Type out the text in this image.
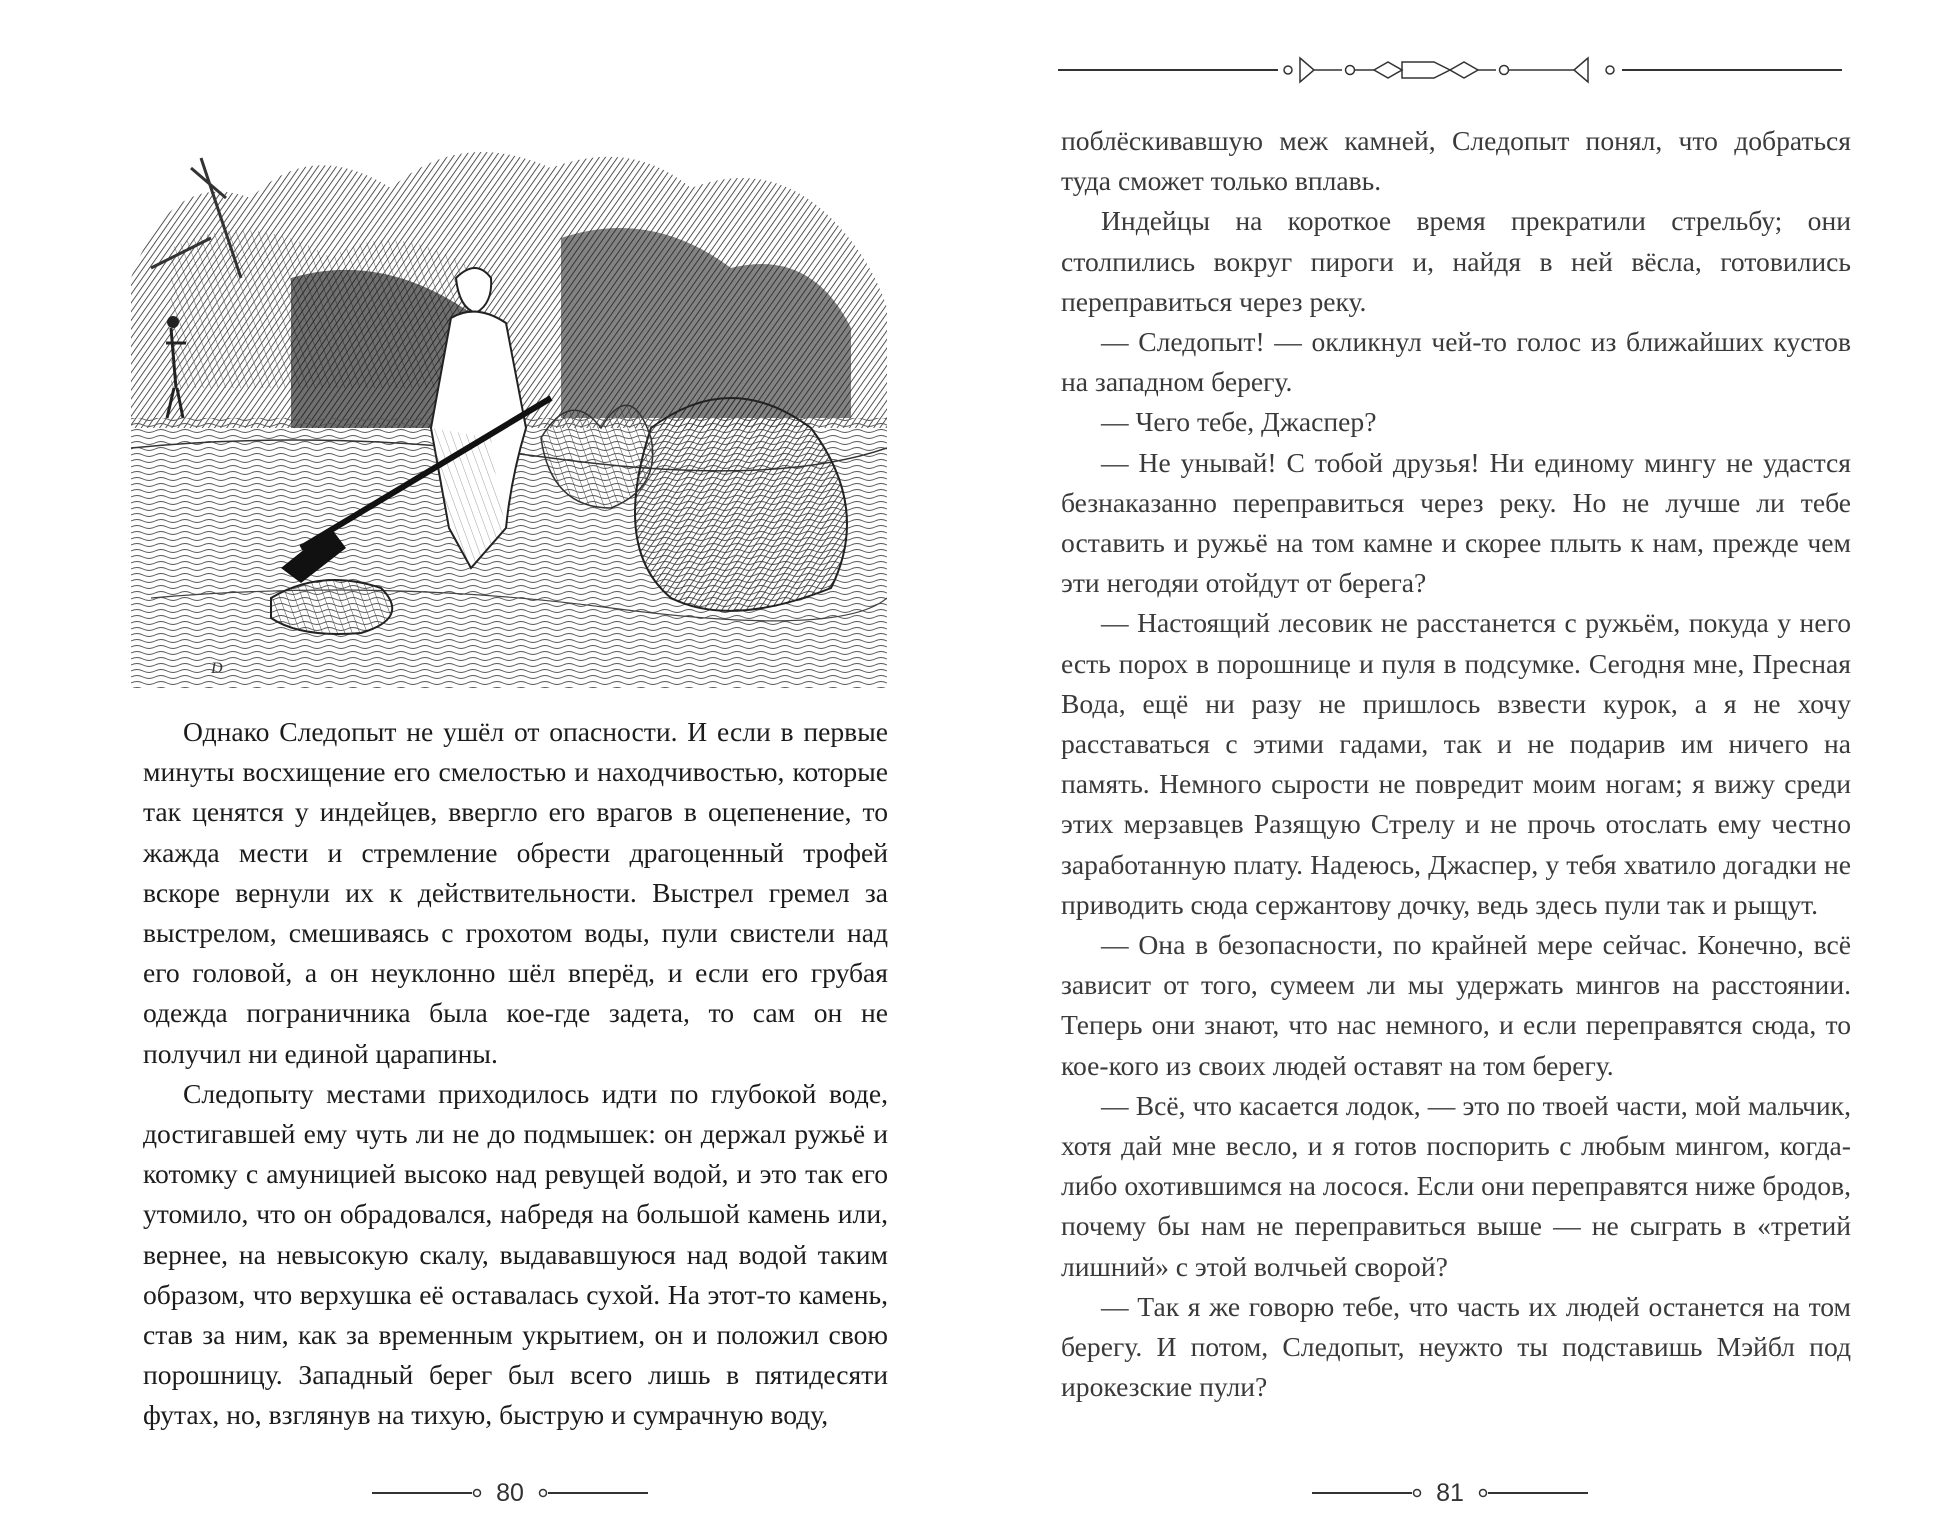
D

Однако Следопыт не ушёл от опасности. И если в первые минуты восхищение его смелостью и находчивостью, которые так ценятся у индейцев, ввергло его врагов в оцепенение, то жажда мести и стремление обрести драгоценный трофей вскоре вернули их к действительности. Выстрел гремел за выстрелом, смешиваясь с грохотом воды, пули свистели над его головой, а он неуклонно шёл вперёд, и если его грубая одежда пограничника была кое-где задета, то сам он не получил ни единой царапины.

Следопыту местами приходилось идти по глубокой воде, достигавшей ему чуть ли не до подмышек: он держал ружьё и котомку с амуницией высоко над ревущей водой, и это так его утомило, что он обрадовался, набредя на большой камень или, вернее, на невысокую скалу, выдававшуюся над водой таким образом, что верхушка её оставалась сухой. На этот-то камень, став за ним, как за временным укрытием, он и положил свою порошницу. Западный берег был всего лишь в пятидесяти футах, но, взглянув на тихую, быструю и сумрачную воду,

80

поблёскивавшую меж камней, Следопыт понял, что добраться туда сможет только вплавь.

Индейцы на короткое время прекратили стрельбу; они столпились вокруг пироги и, найдя в ней вёсла, готовились переправиться через реку.

— Следопыт! — окликнул чей-то голос из ближайших кустов на западном берегу.

— Чего тебе, Джаспер?

— Не унывай! С тобой друзья! Ни единому мингу не удастся безнаказанно переправиться через реку. Но не лучше ли тебе оставить и ружьё на том камне и скорее плыть к нам, прежде чем эти негодяи отойдут от берега?

— Настоящий лесовик не расстанется с ружьём, покуда у него есть порох в порошнице и пуля в подсумке. Сегодня мне, Пресная Вода, ещё ни разу не пришлось взвести курок, а я не хочу расставаться с этими гадами, так и не подарив им ничего на память. Немного сырости не повредит моим ногам; я вижу среди этих мерзавцев Разящую Стрелу и не прочь отослать ему честно заработанную плату. Надеюсь, Джаспер, у тебя хватило догадки не приводить сюда сержантову дочку, ведь здесь пули так и рыщут.

— Она в безопасности, по крайней мере сейчас. Конечно, всё зависит от того, сумеем ли мы удержать мингов на расстоянии. Теперь они знают, что нас немного, и если переправятся сюда, то кое-кого из своих людей оставят на том берегу.

— Всё, что касается лодок, — это по твоей части, мой мальчик, хотя дай мне весло, и я готов поспорить с любым мингом, когда-либо охотившимся на лосося. Если они переправятся ниже бродов, почему бы нам не переправиться выше — не сыграть в «третий лишний» с этой волчьей сворой?

— Так я же говорю тебе, что часть их людей останется на том берегу. И потом, Следопыт, неужто ты подставишь Мэйбл под ирокезские пули?

81
